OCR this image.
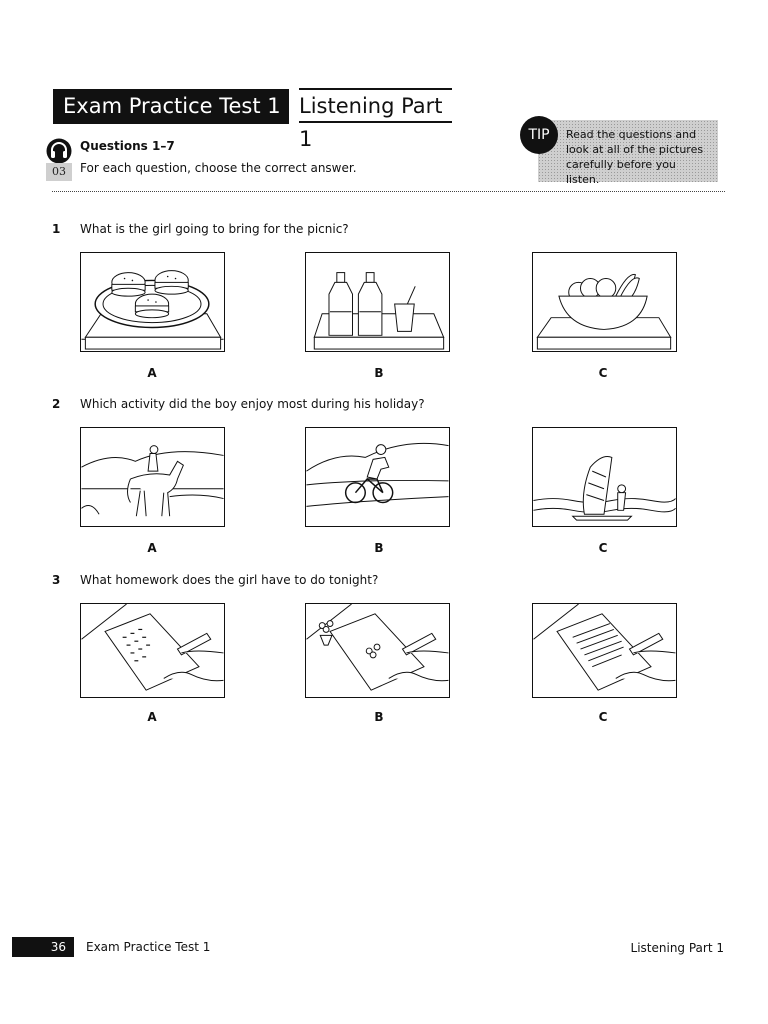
Exam Practice Test 1 Listening Part 1
03
Questions 1–7
For each question, choose the correct answer.
TIP	Read the questions and
look at all of the pictures
carefully before you listen.
1 What is the girl going to bring for the picnic?
A	B	C
2 Which activity did the boy enjoy most during his holiday?
A	B	C
3 What homework does the girl have to do tonight?
A	B	C
36	Exam Practice Test 1	Listening Part 1
